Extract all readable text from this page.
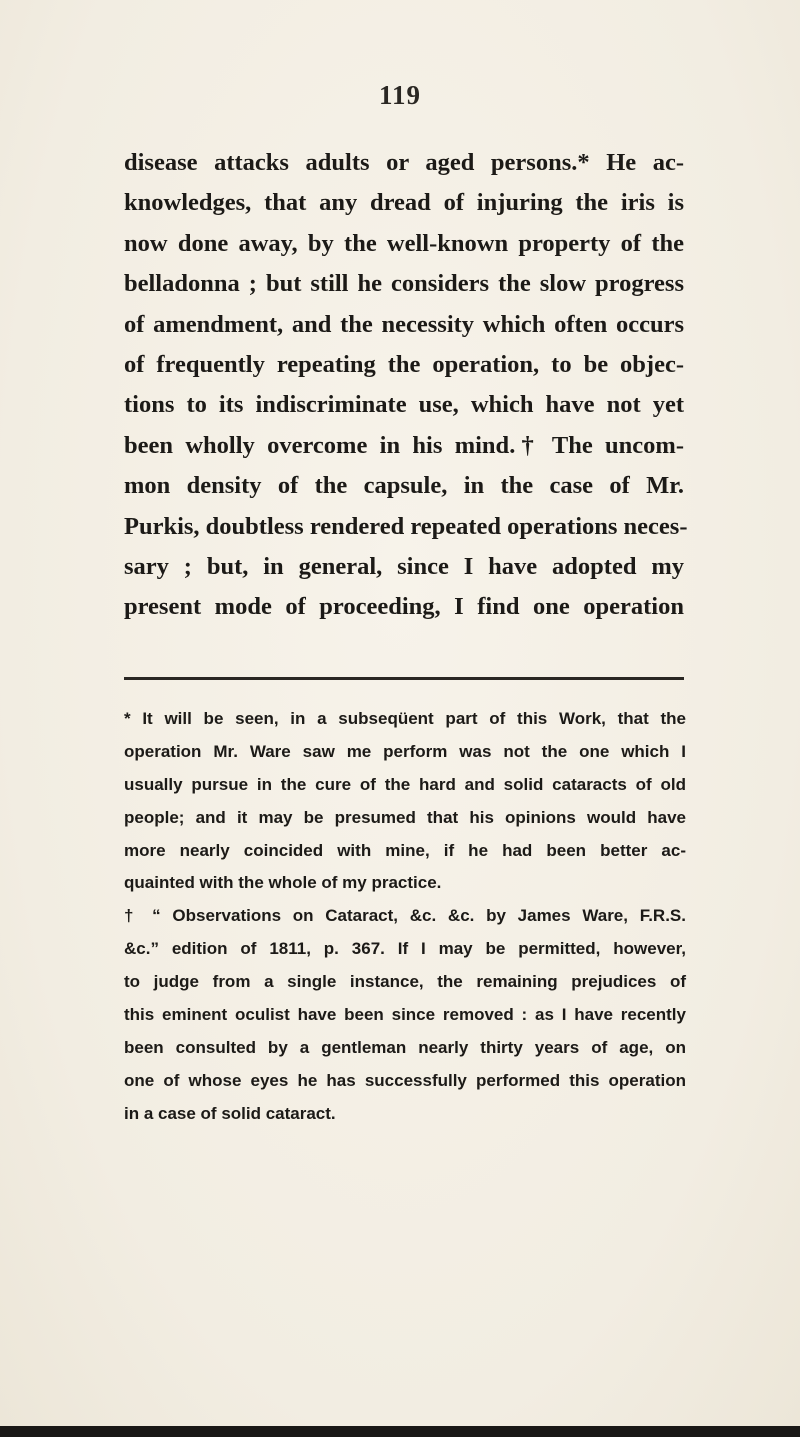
119
disease attacks adults or aged persons.* He ac-
knowledges, that any dread of injuring the iris is
now done away, by the well-known property of the
belladonna ; but still he considers the slow progress
of amendment, and the necessity which often occurs
of frequently repeating the operation, to be objec-
tions to its indiscriminate use, which have not yet
been wholly overcome in his mind.† The uncom-
mon density of the capsule, in the case of Mr.
Purkis, doubtless rendered repeated operations neces-
sary ; but, in general, since I have adopted my
present mode of proceeding, I find one operation
* It will be seen, in a subseqüent part of this Work, that the
operation Mr. Ware saw me perform was not the one which I
usually pursue in the cure of the hard and solid cataracts of old
people; and it may be presumed that his opinions would have
more nearly coincided with mine, if he had been better ac-
quainted with the whole of my practice.
† “ Observations on Cataract, &c. &c. by James Ware, F.R.S.
&c.” edition of 1811, p. 367. If I may be permitted, however,
to judge from a single instance, the remaining prejudices of
this eminent oculist have been since removed : as I have recently
been consulted by a gentleman nearly thirty years of age, on
one of whose eyes he has successfully performed this operation
in a case of solid cataract.
